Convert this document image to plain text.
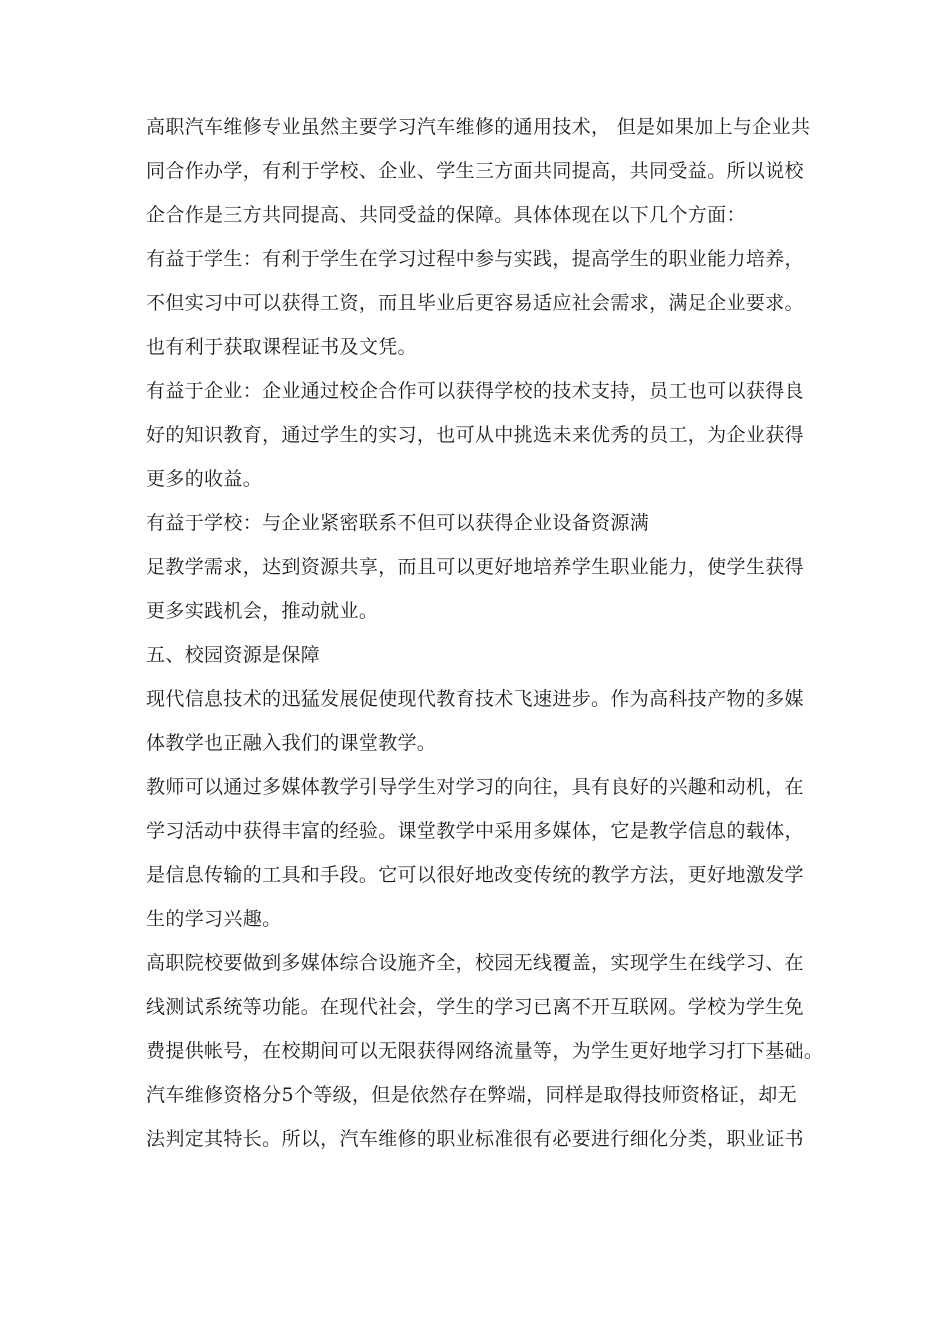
高职汽车维修专业虽然主要学习汽车维修的通用技术， 但是如果加上与企业共
同合作办学，有利于学校、企业、学生三方面共同提高，共同受益。所以说校
企合作是三方共同提高、共同受益的保障。具体体现在以下几个方面：
有益于学生：有利于学生在学习过程中参与实践，提高学生的职业能力培养，
不但实习中可以获得工资，而且毕业后更容易适应社会需求，满足企业要求。
也有利于获取课程证书及文凭。
有益于企业：企业通过校企合作可以获得学校的技术支持，员工也可以获得良
好的知识教育，通过学生的实习，也可从中挑选未来优秀的员工，为企业获得
更多的收益。
有益于学校：与企业紧密联系不但可以获得企业设备资源满
足教学需求，达到资源共享，而且可以更好地培养学生职业能力，使学生获得
更多实践机会，推动就业。
五、校园资源是保障
现代信息技术的迅猛发展促使现代教育技术飞速进步。作为高科技产物的多媒
体教学也正融入我们的课堂教学。
教师可以通过多媒体教学引导学生对学习的向往，具有良好的兴趣和动机，在
学习活动中获得丰富的经验。课堂教学中采用多媒体，它是教学信息的载体，
是信息传输的工具和手段。它可以很好地改变传统的教学方法，更好地激发学
生的学习兴趣。
高职院校要做到多媒体综合设施齐全，校园无线覆盖，实现学生在线学习、在
线测试系统等功能。在现代社会，学生的学习已离不开互联网。学校为学生免
费提供帐号，在校期间可以无限获得网络流量等，为学生更好地学习打下基础。
汽车维修资格分5个等级，但是依然存在弊端，同样是取得技师资格证，却无
法判定其特长。所以，汽车维修的职业标准很有必要进行细化分类，职业证书
